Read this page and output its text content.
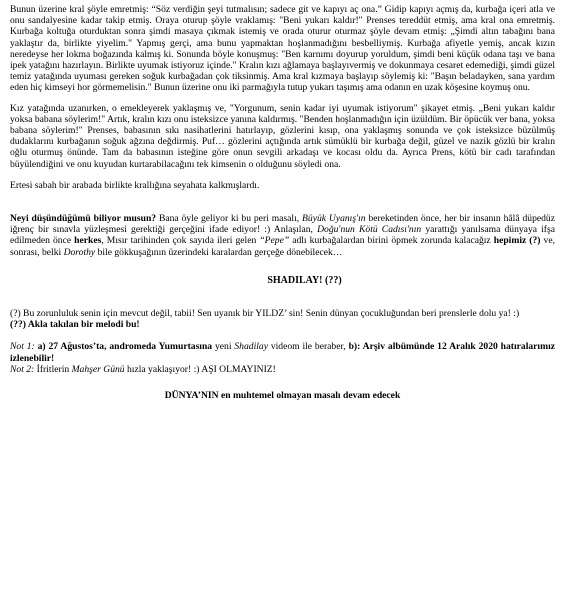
Bunun üzerine kral şöyle emretmiş: “Söz verdiğin şeyi tutmalısın; sadece git ve kapıyı aç ona.” Gidip kapıyı açmış da, kurbağa içeri atla ve onu sandalyesine kadar takip etmiş. Oraya oturup şöyle vraklamış: "Beni yukarı kaldır!" Prenses tereddüt etmiş, ama kral ona emretmiş. Kurbağa koltuğa oturduktan sonra şimdi masaya çıkmak istemiş ve orada oturur oturmaz şöyle devam etmiş: „Şimdi altın tabağını bana yaklaştır da, birlikte yiyelim." Yapmış gerçi, ama bunu yapmaktan hoşlanmadığını besbelliymiş. Kurbağa afiyetle yemiş, ancak kızın neredeyse her lokma boğazında kalmış ki. Sonunda böyle konuşmuş: "Ben karnımı doyurup yoruldum, şimdi beni küçük odana taşı ve bana ipek yatağını hazırlayın. Birlikte uyumak istiyoruz içinde." Kralın kızı ağlamaya başlayıvermiş ve dokunmaya cesaret edemediği, şimdi güzel temiz yatağında uyuması gereken soğuk kurbağadan çok tiksinmiş. Ama kral kızmaya başlayıp söylemiş ki: "Başın beladayken, sana yardım eden hiç kimseyi hor görmemelisin." Bunun üzerine onu iki parmağıyla tutup yukarı taşımış ama odanın en uzak köşesine koymuş onu.

Kız yatağında uzanırken, o emekleyerek yaklaşmış ve, "Yorgunum, senin kadar iyi uyumak istiyorum" şikayet etmiş. „Beni yukarı kaldır yoksa babana söylerim!" Artık, kralın kızı onu isteksizce yanına kaldırmış. "Benden hoşlanmadığın için üzüldüm. Bir öpücük ver bana, yoksa babana söylerim!" Prenses, babasının sıkı nasihatlerini hatırlayıp, gözlerini kısıp, ona yaklaşmış sonunda ve çok isteksizce büzülmüş dudaklarını kurbağanın soğuk ağzına değdirmiş. Puf… gözlerini açtığında artık sümüklü bir kurbağa değil, güzel ve nazik gözlü bir kralın oğlu oturmuş önünde. Tam da babasının isteğine göre onun sevgili arkadaşı ve kocası oldu da. Ayrıca Prens, kötü bir cadı tarafından büyülendiğini ve onu kuyudan kurtarabilacağını tek kimsenin o olduğunu söyledi ona.

Ertesi sabah bir arabada birlikte krallığına seyahata kalkmışlardı.

Neyi düşündüğümü biliyor musun? Bana öyle geliyor ki bu peri masalı, Büyük Uyanış'ın bereketinden önce, her bir insanın hâlâ düpedüz iğrenç bir sınavla yüzleşmesi gerektiği gerçeğini ifade ediyor! :) Anlaşılan, Doğu'nun Kötü Cadısı'nın yarattığı yanılsama dünyaya ifşa edilmeden önce herkes, Mısır tarihinden çok sayıda ileri gelen “Pepe” adlı kurbağalardan birini öpmek zorunda kalacağız hepimiz (?) ve, sonrası, belki Dorothy bile gökkuşağının üzerindeki karalardan gerçeğe dönebilecek…

SHADILAY! (??)

(?) Bu zorunluluk senin için mevcut değil, tabii! Sen uyanık bir YILDZ’ sin! Senin dünyan çocukluğundan beri prenslerle dolu ya! :)

(??) Akla takılan bir melodi bu!

Not 1: a) 27 Ağustos’ta, andromeda Yumurtasına yeni Shadilay videom ile beraber, b): Arşiv albümünde 12 Aralık 2020 hatıralarımız izlenebilir!

Not 2: İfritlerin Mahşer Günü hızla yaklaşıyor! :) AŞI OLMAYINIZ!

DÜNYA’NIN en muhtemel olmayan masalı devam edecek
